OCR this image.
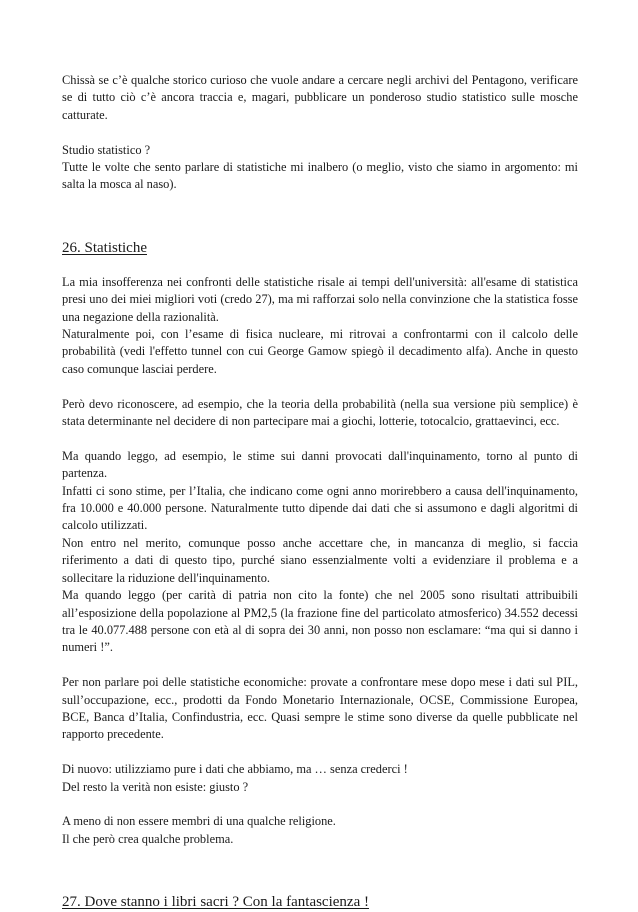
Chissà se c’è qualche storico curioso che vuole andare a cercare negli archivi del Pentagono, verificare se di tutto ciò c’è ancora traccia e, magari, pubblicare un ponderoso studio statistico sulle mosche catturate.

Studio statistico ?

Tutte le volte che sento parlare di statistiche mi inalbero (o meglio, visto che siamo in argomento: mi salta la mosca al naso).

26. Statistiche

La mia insofferenza nei confronti delle statistiche risale ai tempi dell'università: all'esame di statistica presi uno dei miei migliori voti (credo 27), ma mi rafforzai solo nella convinzione che la statistica fosse una negazione della razionalità.

Naturalmente poi, con l’esame di fisica nucleare, mi ritrovai a confrontarmi con il calcolo delle probabilità (vedi l'effetto tunnel con cui George Gamow spiegò il decadimento alfa). Anche in questo caso comunque lasciai perdere.

Però devo riconoscere, ad esempio, che la teoria della probabilità (nella sua versione più semplice) è stata determinante nel decidere di non partecipare mai a giochi, lotterie, totocalcio, grattaevinci, ecc.

Ma quando leggo, ad esempio, le stime sui danni provocati dall'inquinamento, torno al punto di partenza.

Infatti ci sono stime, per l’Italia, che indicano come ogni anno morirebbero a causa dell'inquinamento, fra 10.000 e 40.000 persone. Naturalmente tutto dipende dai dati che si assumono e dagli algoritmi di calcolo utilizzati.

Non entro nel merito, comunque posso anche accettare che, in mancanza di meglio, si faccia riferimento a dati di questo tipo, purché siano essenzialmente volti a evidenziare il problema e a sollecitare la riduzione dell'inquinamento.

Ma quando leggo (per carità di patria non cito la fonte) che nel 2005 sono risultati attribuibili all’esposizione della popolazione al PM2,5 (la frazione fine del particolato atmosferico) 34.552 decessi tra le 40.077.488 persone con età al di sopra dei 30 anni, non posso non esclamare: “ma qui si danno i numeri !”.

Per non parlare poi delle statistiche economiche: provate a confrontare mese dopo mese i dati sul PIL, sull’occupazione, ecc., prodotti da Fondo Monetario Internazionale, OCSE, Commissione Europea, BCE, Banca d’Italia, Confindustria, ecc. Quasi sempre le stime sono diverse da quelle pubblicate nel rapporto precedente.

Di nuovo: utilizziamo pure i dati che abbiamo, ma … senza crederci !

Del resto la verità non esiste: giusto ?

A meno di non essere membri di una qualche religione.

Il che però crea qualche problema.

27. Dove stanno i libri sacri ? Con la fantascienza !
